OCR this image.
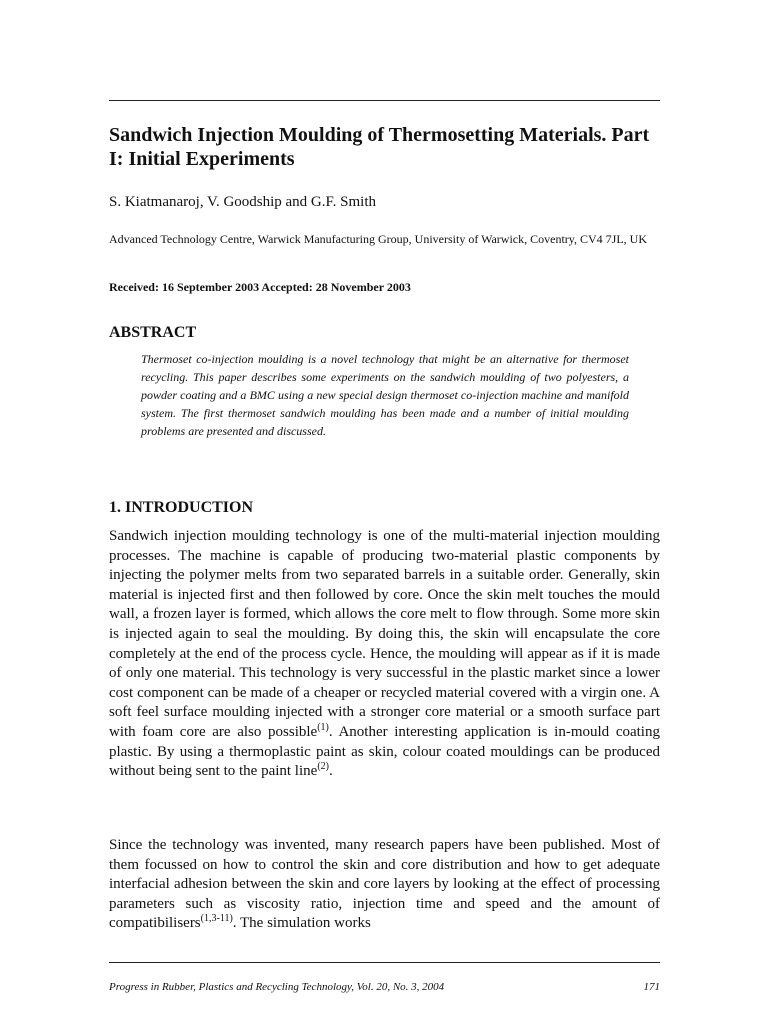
Sandwich Injection Moulding of Thermosetting Materials. Part I: Initial Experiments

S. Kiatmanaroj, V. Goodship and G.F. Smith

Advanced Technology Centre, Warwick Manufacturing Group, University of Warwick, Coventry, CV4 7JL, UK

Received: 16 September 2003 Accepted: 28 November 2003

ABSTRACT

Thermoset co-injection moulding is a novel technology that might be an alternative for thermoset recycling. This paper describes some experiments on the sandwich moulding of two polyesters, a powder coating and a BMC using a new special design thermoset co-injection machine and manifold system. The first thermoset sandwich moulding has been made and a number of initial moulding problems are presented and discussed.

1. INTRODUCTION

Sandwich injection moulding technology is one of the multi-material injection moulding processes. The machine is capable of producing two-material plastic components by injecting the polymer melts from two separated barrels in a suitable order. Generally, skin material is injected first and then followed by core. Once the skin melt touches the mould wall, a frozen layer is formed, which allows the core melt to flow through. Some more skin is injected again to seal the moulding. By doing this, the skin will encapsulate the core completely at the end of the process cycle. Hence, the moulding will appear as if it is made of only one material. This technology is very successful in the plastic market since a lower cost component can be made of a cheaper or recycled material covered with a virgin one. A soft feel surface moulding injected with a stronger core material or a smooth surface part with foam core are also possible$^{(1)}$. Another interesting application is in-mould coating plastic. By using a thermoplastic paint as skin, colour coated mouldings can be produced without being sent to the paint line$^{(2)}$.

Since the technology was invented, many research papers have been published. Most of them focussed on how to control the skin and core distribution and how to get adequate interfacial adhesion between the skin and core layers by looking at the effect of processing parameters such as viscosity ratio, injection time and speed and the amount of compatibilisers$^{(1,3-11)}$. The simulation works

Progress in Rubber, Plastics and Recycling Technology, Vol. 20, No. 3, 2004	171
